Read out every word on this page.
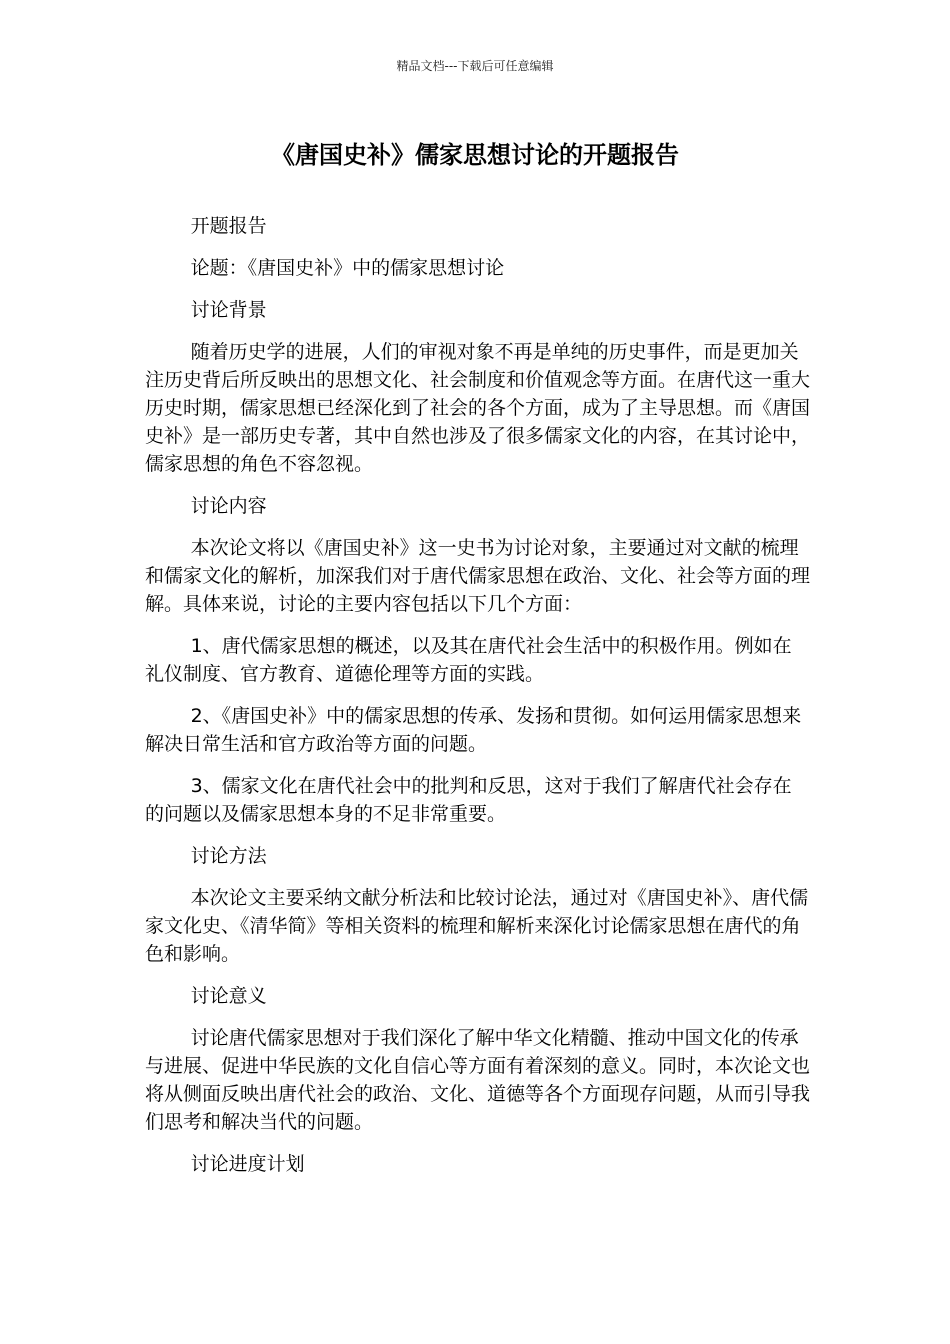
精品文档---下载后可任意编辑
《唐国史补》儒家思想讨论的开题报告

开题报告

论题：《唐国史补》中的儒家思想讨论

讨论背景

随着历史学的进展，人们的审视对象不再是单纯的历史事件，而是更加关注历史背后所反映出的思想文化、社会制度和价值观念等方面。在唐代这一重大历史时期，儒家思想已经深化到了社会的各个方面，成为了主导思想。而《唐国史补》是一部历史专著，其中自然也涉及了很多儒家文化的内容，在其讨论中，儒家思想的角色不容忽视。

讨论内容

本次论文将以《唐国史补》这一史书为讨论对象，主要通过对文献的梳理和儒家文化的解析，加深我们对于唐代儒家思想在政治、文化、社会等方面的理解。具体来说，讨论的主要内容包括以下几个方面：

1、唐代儒家思想的概述，以及其在唐代社会生活中的积极作用。例如在礼仪制度、官方教育、道德伦理等方面的实践。

2、《唐国史补》中的儒家思想的传承、发扬和贯彻。如何运用儒家思想来解决日常生活和官方政治等方面的问题。

3、儒家文化在唐代社会中的批判和反思，这对于我们了解唐代社会存在的问题以及儒家思想本身的不足非常重要。

讨论方法

本次论文主要采纳文献分析法和比较讨论法，通过对《唐国史补》、唐代儒家文化史、《清华简》等相关资料的梳理和解析来深化讨论儒家思想在唐代的角色和影响。

讨论意义

讨论唐代儒家思想对于我们深化了解中华文化精髓、推动中国文化的传承与进展、促进中华民族的文化自信心等方面有着深刻的意义。同时，本次论文也将从侧面反映出唐代社会的政治、文化、道德等各个方面现存问题，从而引导我们思考和解决当代的问题。

讨论进度计划
